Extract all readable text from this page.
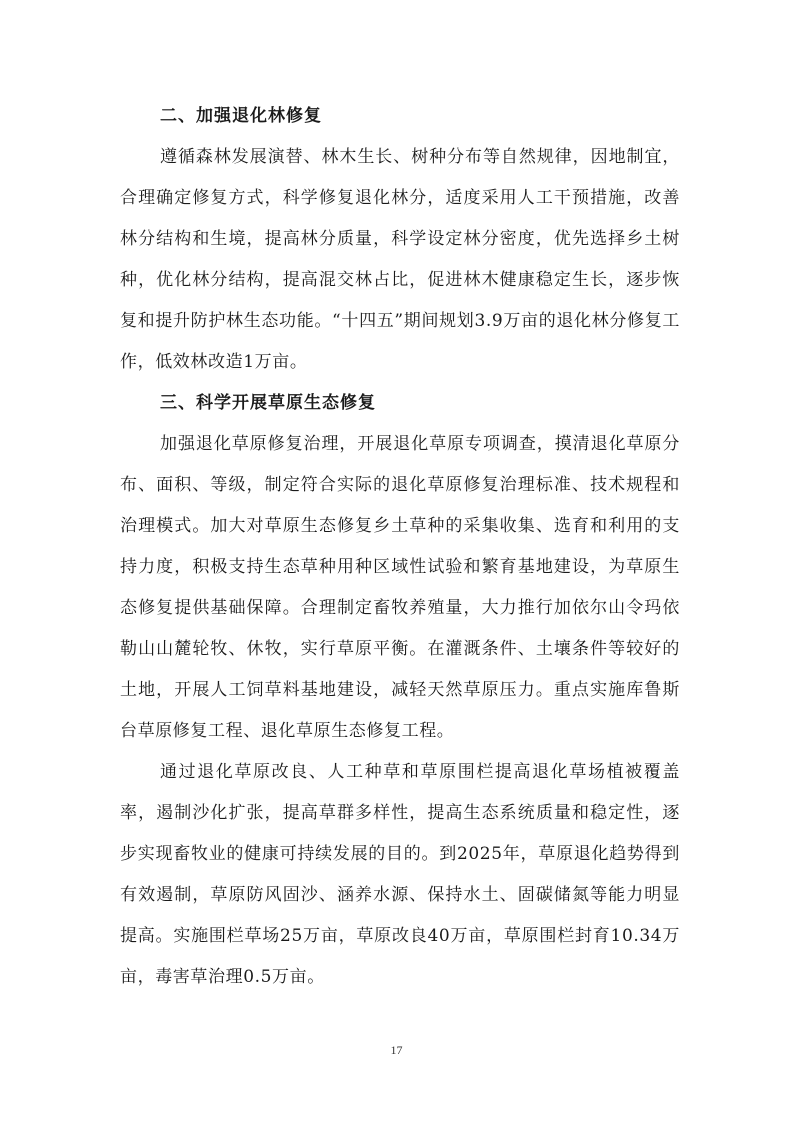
二、加强退化林修复

遵循森林发展演替、林木生长、树种分布等自然规律，因地制宜，合理确定修复方式，科学修复退化林分，适度采用人工干预措施，改善林分结构和生境，提高林分质量，科学设定林分密度，优先选择乡土树种，优化林分结构，提高混交林占比，促进林木健康稳定生长，逐步恢复和提升防护林生态功能。“十四五”期间规划3.9万亩的退化林分修复工作，低效林改造1万亩。

三、科学开展草原生态修复

加强退化草原修复治理，开展退化草原专项调查，摸清退化草原分布、面积、等级，制定符合实际的退化草原修复治理标准、技术规程和治理模式。加大对草原生态修复乡土草种的采集收集、选育和利用的支持力度，积极支持生态草种用种区域性试验和繁育基地建设，为草原生态修复提供基础保障。合理制定畜牧养殖量，大力推行加依尔山令玛依勒山山麓轮牧、休牧，实行草原平衡。在灌溉条件、土壤条件等较好的土地，开展人工饲草料基地建设，减轻天然草原压力。重点实施库鲁斯台草原修复工程、退化草原生态修复工程。

通过退化草原改良、人工种草和草原围栏提高退化草场植被覆盖率，遏制沙化扩张，提高草群多样性，提高生态系统质量和稳定性，逐步实现畜牧业的健康可持续发展的目的。到2025年，草原退化趋势得到有效遏制，草原防风固沙、涵养水源、保持水土、固碳储氮等能力明显提高。实施围栏草场25万亩，草原改良40万亩，草原围栏封育10.34万亩，毒害草治理0.5万亩。

17
